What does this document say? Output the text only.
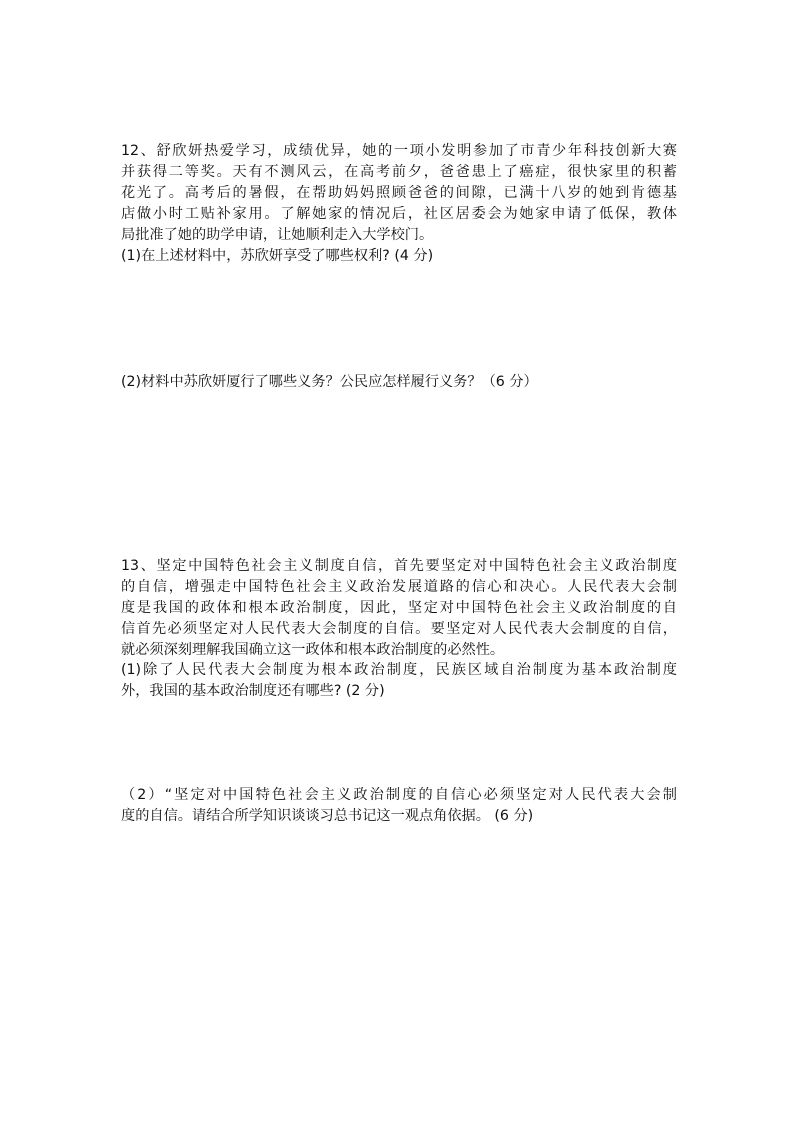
12、舒欣妍热爱学习，成绩优异，她的一项小发明参加了市青少年科技创新大赛
并获得二等奖。天有不测风云，在高考前夕，爸爸患上了癌症，很快家里的积蓄
花光了。高考后的暑假，在帮助妈妈照顾爸爸的间隙，已满十八岁的她到肯德基
店做小时工贴补家用。了解她家的情况后，社区居委会为她家申请了低保，教体
局批准了她的助学申请，让她顺利走入大学校门。
(1)在上述材料中，苏欣妍享受了哪些权利? (4 分)
(2)材料中苏欣妍厦行了哪些义务？公民应怎样履行义务？（6 分）
13、坚定中国特色社会主义制度自信，首先要坚定对中国特色社会主义政治制度
的自信，增强走中国特色社会主义政治发展道路的信心和决心。人民代表大会制
度是我国的政体和根本政治制度，因此，坚定对中国特色社会主义政治制度的自
信首先必须坚定对人民代表大会制度的自信。要坚定对人民代表大会制度的自信，
就必须深刻理解我国确立这一政体和根本政治制度的必然性。
(1)除了人民代表大会制度为根本政治制度，民族区域自治制度为基本政治制度
外，我国的基本政治制度还有哪些? (2 分)
（2）“坚定对中国特色社会主义政治制度的自信心必须坚定对人民代表大会制
度的自信。请结合所学知识谈谈习总书记这一观点角依据。 (6 分)
